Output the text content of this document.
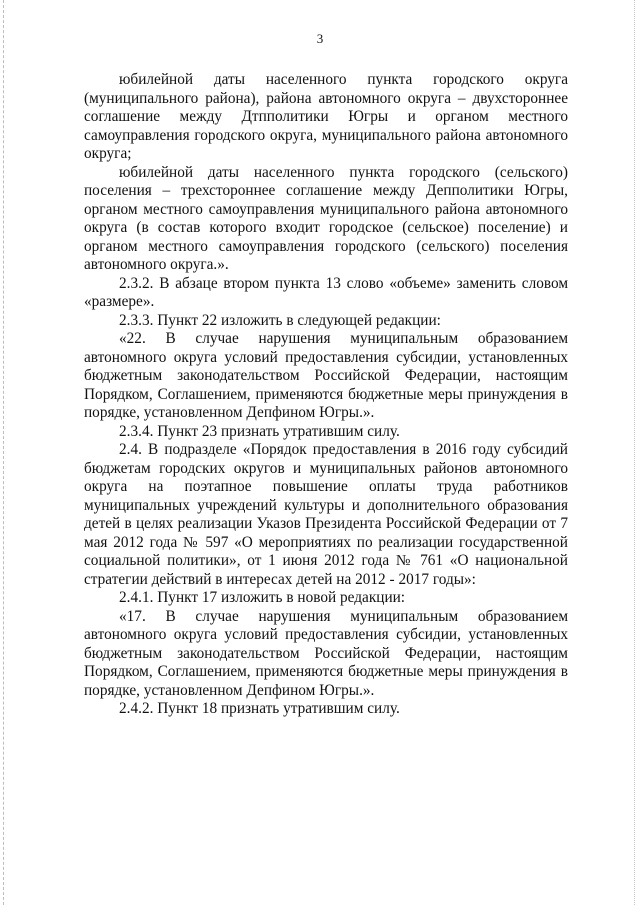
3

юбилейной даты населенного пункта городского округа (муниципального района), района автономного округа – двухстороннее соглашение между Дтпполитики Югры и органом местного самоуправления городского округа, муниципального района автономного округа;

юбилейной даты населенного пункта городского (сельского) поселения – трехстороннее соглашение между Депполитики Югры, органом местного самоуправления муниципального района автономного округа (в состав которого входит городское (сельское) поселение) и органом местного самоуправления городского (сельского) поселения автономного округа.».

2.3.2. В абзаце втором пункта 13 слово «объеме» заменить словом «размере».

2.3.3. Пункт 22 изложить в следующей редакции:

«22. В случае нарушения муниципальным образованием автономного округа условий предоставления субсидии, установленных бюджетным законодательством Российской Федерации, настоящим Порядком, Соглашением, применяются бюджетные меры принуждения в порядке, установленном Депфином Югры.».

2.3.4. Пункт 23 признать утратившим силу.

2.4. В подразделе «Порядок предоставления в 2016 году субсидий бюджетам городских округов и муниципальных районов автономного округа на поэтапное повышение оплаты труда работников муниципальных учреждений культуры и дополнительного образования детей в целях реализации Указов Президента Российской Федерации от 7 мая 2012 года № 597 «О мероприятиях по реализации государственной социальной политики», от 1 июня 2012 года № 761 «О национальной стратегии действий в интересах детей на 2012 - 2017 годы»:

2.4.1. Пункт 17 изложить в новой редакции:

«17. В случае нарушения муниципальным образованием автономного округа условий предоставления субсидии, установленных бюджетным законодательством Российской Федерации, настоящим Порядком, Соглашением, применяются бюджетные меры принуждения в порядке, установленном Депфином Югры.».

2.4.2. Пункт 18 признать утратившим силу.
